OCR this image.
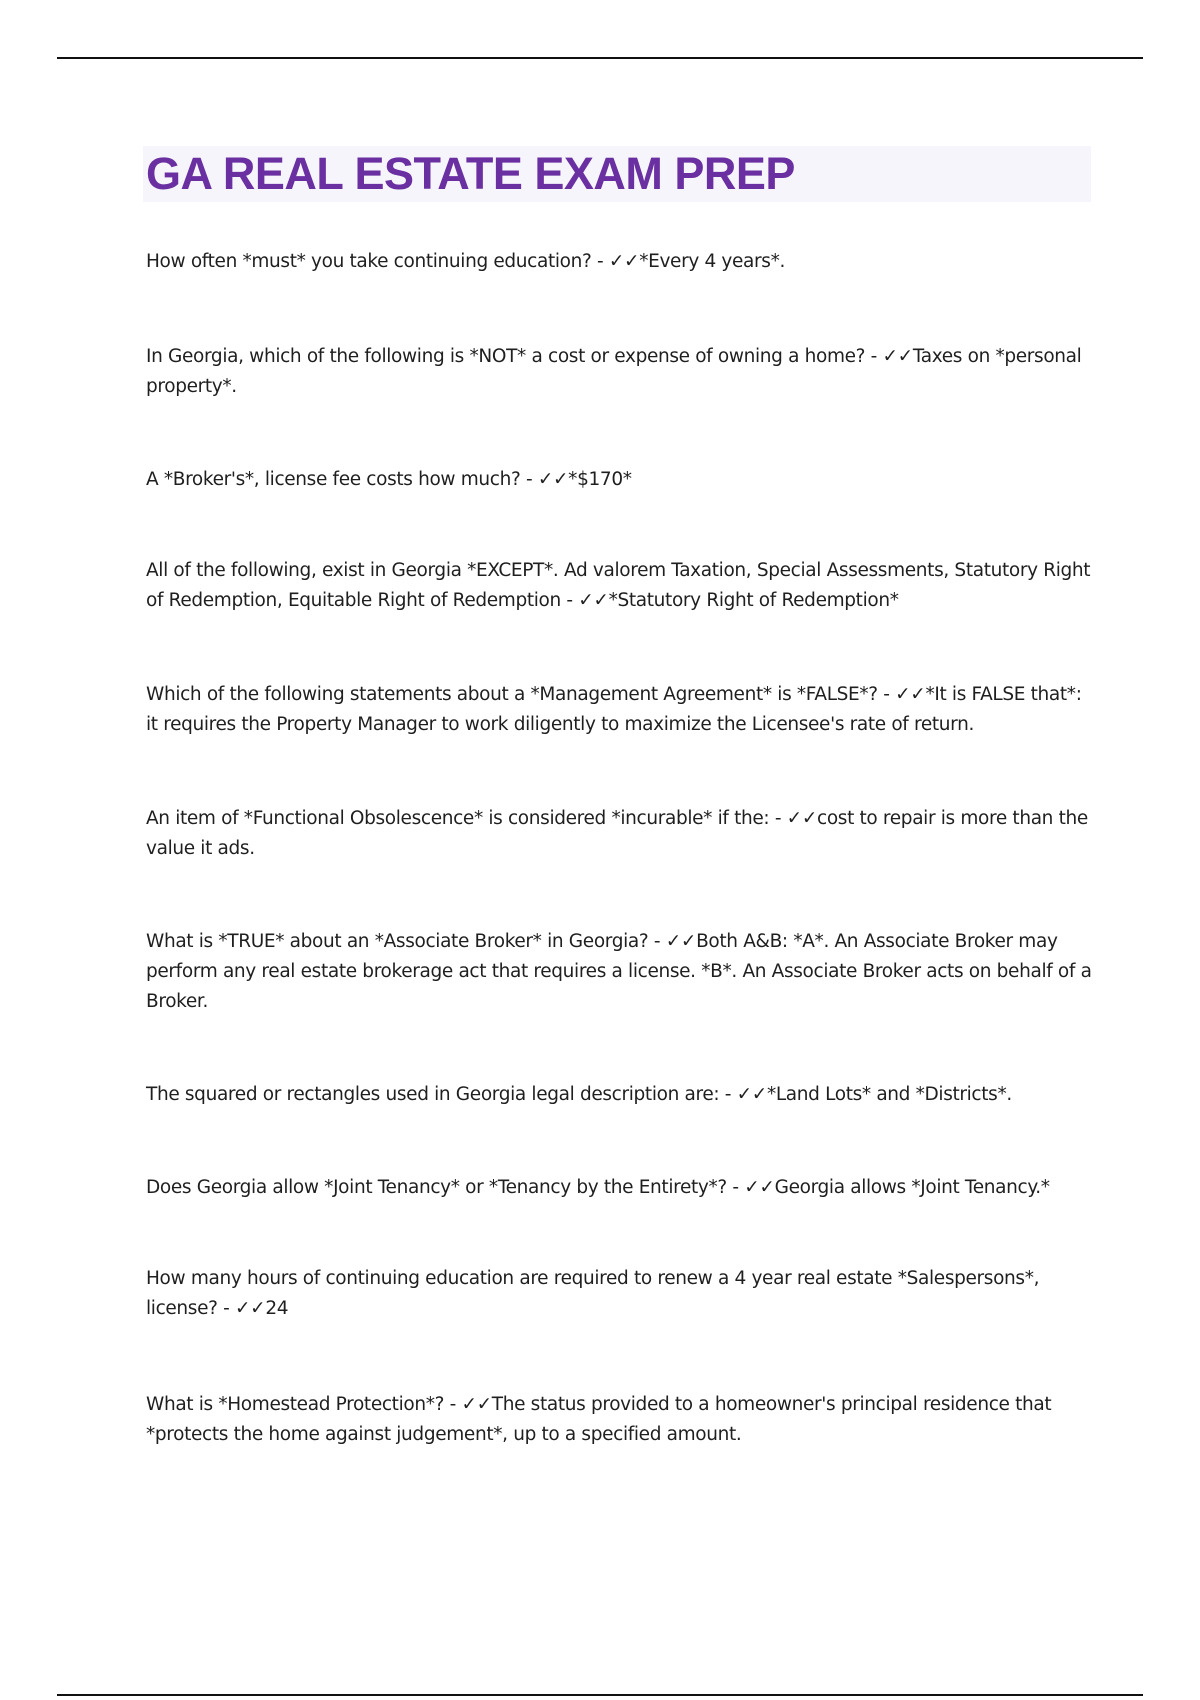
GA REAL ESTATE EXAM PREP

How often *must* you take continuing education? - ✓✓*Every 4 years*.

In Georgia, which of the following is *NOT* a cost or expense of owning a home? - ✓✓Taxes on *personal property*.

A *Broker's*, license fee costs how much? - ✓✓*$170*

All of the following, exist in Georgia *EXCEPT*. Ad valorem Taxation, Special Assessments, Statutory Right of Redemption, Equitable Right of Redemption - ✓✓*Statutory Right of Redemption*

Which of the following statements about a *Management Agreement* is *FALSE*? - ✓✓*It is FALSE that*: it requires the Property Manager to work diligently to maximize the Licensee's rate of return.

An item of *Functional Obsolescence* is considered *incurable* if the: - ✓✓cost to repair is more than the value it ads.

What is *TRUE* about an *Associate Broker* in Georgia? - ✓✓Both A&B: *A*. An Associate Broker may perform any real estate brokerage act that requires a license. *B*. An Associate Broker acts on behalf of a Broker.

The squared or rectangles used in Georgia legal description are: - ✓✓*Land Lots* and *Districts*.

Does Georgia allow *Joint Tenancy* or *Tenancy by the Entirety*? - ✓✓Georgia allows *Joint Tenancy.*

How many hours of continuing education are required to renew a 4 year real estate *Salespersons*, license? - ✓✓24

What is *Homestead Protection*? - ✓✓The status provided to a homeowner's principal residence that *protects the home against judgement*, up to a specified amount.
